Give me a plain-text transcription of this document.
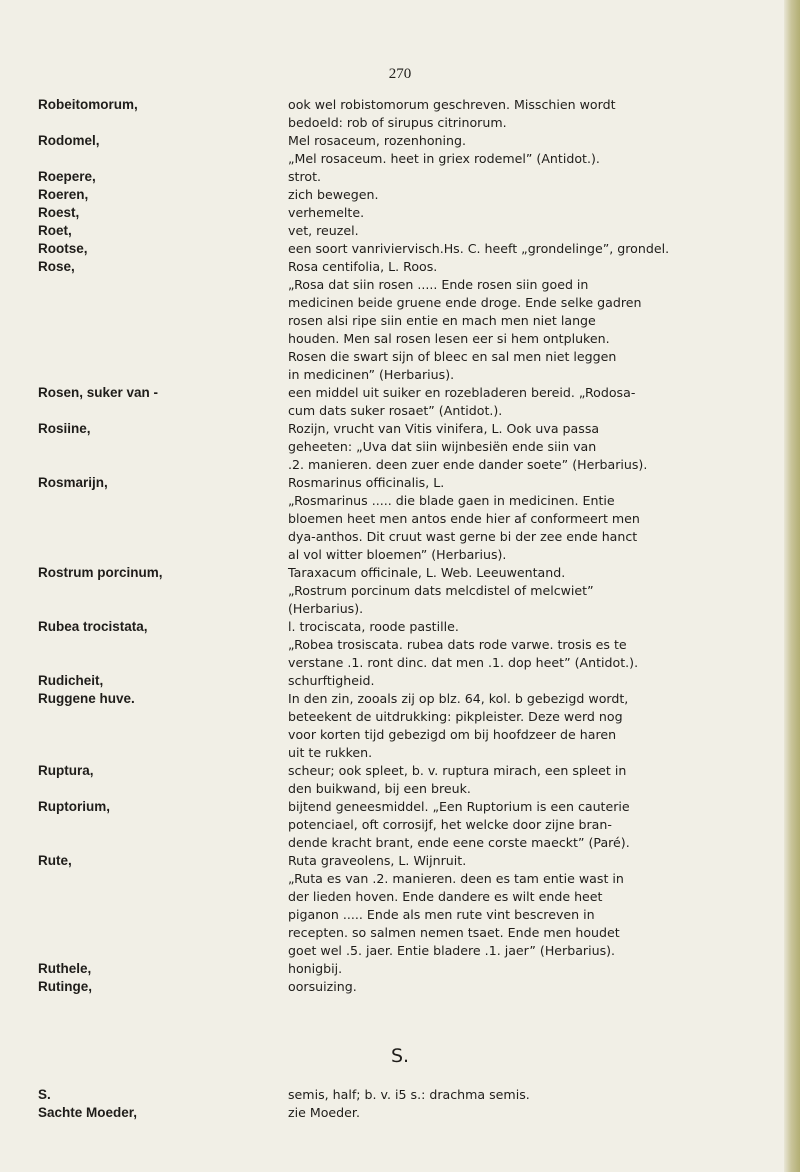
270
Robeitomorum,	ook wel robistomorum geschreven. Misschien wordt
bedoeld: rob of sirupus citrinorum.
Rodomel,	Mel rosaceum, rozenhoning.
„Mel rosaceum. heet in griex rodemel” (Antidot.).
Roepere,	strot.
Roeren,	zich bewegen.
Roest,	verhemelte.
Roet,	vet, reuzel.
Rootse,	een soort vanriviervisch.Hs. C. heeft „grondelinge”, grondel.
Rose,	Rosa centifolia, L. Roos.
„Rosa dat siin rosen ..... Ende rosen siin goed in
medicinen beide gruene ende droge. Ende selke gadren
rosen alsi ripe siin entie en mach men niet lange
houden. Men sal rosen lesen eer si hem ontpluken.
Rosen die swart sijn of bleec en sal men niet leggen
in medicinen” (Herbarius).
Rosen, suker van -	een middel uit suiker en rozebladeren bereid. „Rodosa-
cum dats suker rosaet” (Antidot.).
Rosiine,	Rozijn, vrucht van Vitis vinifera, L. Ook uva passa
geheeten: „Uva dat siin wijnbesiën ende siin van
.2. manieren. deen zuer ende dander soete” (Herbarius).
Rosmarijn,	Rosmarinus officinalis, L.
„Rosmarinus ..... die blade gaen in medicinen. Entie
bloemen heet men antos ende hier af conformeert men
dya-anthos. Dit cruut wast gerne bi der zee ende hanct
al vol witter bloemen” (Herbarius).
Rostrum porcinum,	Taraxacum officinale, L. Web. Leeuwentand.
„Rostrum porcinum dats melcdistel of melcwiet”
(Herbarius).
Rubea trocistata,	l. trociscata, roode pastille.
„Robea trosiscata. rubea dats rode varwe. trosis es te
verstane .1. ront dinc. dat men .1. dop heet” (Antidot.).
Rudicheit,	schurftigheid.
Ruggene huve.	In den zin, zooals zij op blz. 64, kol. b gebezigd wordt,
beteekent de uitdrukking: pikpleister. Deze werd nog
voor korten tijd gebezigd om bij hoofdzeer de haren
uit te rukken.
Ruptura,	scheur; ook spleet, b. v. ruptura mirach, een spleet in
den buikwand, bij een breuk.
Ruptorium,	bijtend geneesmiddel. „Een Ruptorium is een cauterie
potenciael, oft corrosijf, het welcke door zijne bran-
dende kracht brant, ende eene corste maeckt” (Paré).
Rute,	Ruta graveolens, L. Wijnruit.
„Ruta es van .2. manieren. deen es tam entie wast in
der lieden hoven. Ende dandere es wilt ende heet
piganon ..... Ende als men rute vint bescreven in
recepten. so salmen nemen tsaet. Ende men houdet
goet wel .5. jaer. Entie bladere .1. jaer” (Herbarius).
Ruthele,	honigbij.
Rutinge,	oorsuizing.
S.
S.	semis, half; b. v. i5 s.: drachma semis.
Sachte Moeder,	zie Moeder.
